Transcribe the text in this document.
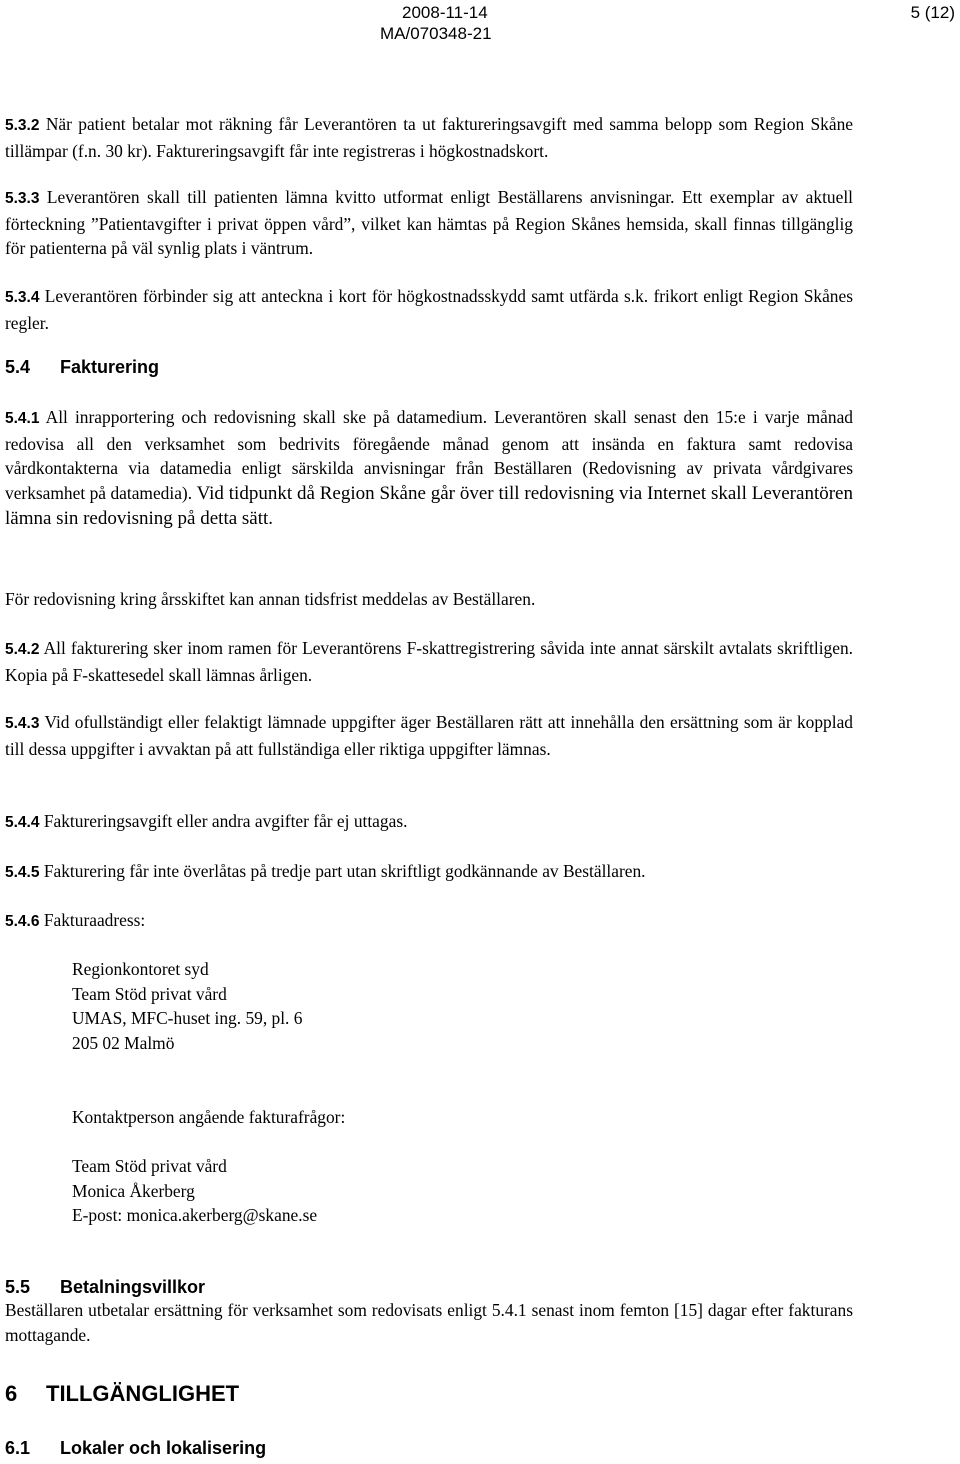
2008-11-14
MA/070348-21
5 (12)

5.3.2 När patient betalar mot räkning får Leverantören ta ut faktureringsavgift med samma belopp som Region Skåne tillämpar (f.n. 30 kr). Faktureringsavgift får inte registreras i högkostnadskort.

5.3.3 Leverantören skall till patienten lämna kvitto utformat enligt Beställarens anvisningar. Ett exemplar av aktuell förteckning ”Patientavgifter i privat öppen vård”, vilket kan hämtas på Region Skånes hemsida, skall finnas tillgänglig för patienterna på väl synlig plats i väntrum.

5.3.4 Leverantören förbinder sig att anteckna i kort för högkostnadsskydd samt utfärda s.k. frikort enligt Region Skånes regler.

5.4 Fakturering

5.4.1 All inrapportering och redovisning skall ske på datamedium. Leverantören skall senast den 15:e i varje månad redovisa all den verksamhet som bedrivits föregående månad genom att insända en faktura samt redovisa vårdkontakterna via datamedia enligt särskilda anvisningar från Beställaren (Redovisning av privata vårdgivares verksamhet på datamedia). Vid tidpunkt då Region Skåne går över till redovisning via Internet skall Leverantören lämna sin redovisning på detta sätt.

För redovisning kring årsskiftet kan annan tidsfrist meddelas av Beställaren.

5.4.2 All fakturering sker inom ramen för Leverantörens F-skattregistrering såvida inte annat särskilt avtalats skriftligen. Kopia på F-skattesedel skall lämnas årligen.

5.4.3 Vid ofullständigt eller felaktigt lämnade uppgifter äger Beställaren rätt att innehålla den ersättning som är kopplad till dessa uppgifter i avvaktan på att fullständiga eller riktiga uppgifter lämnas.

5.4.4 Faktureringsavgift eller andra avgifter får ej uttagas.

5.4.5 Fakturering får inte överlåtas på tredje part utan skriftligt godkännande av Beställaren.

5.4.6 Fakturaadress:

Regionkontoret syd
Team Stöd privat vård
UMAS, MFC-huset ing. 59, pl. 6
205 02 Malmö
Kontaktperson angående fakturafrågor:
Team Stöd privat vård
Monica Åkerberg
E-post: monica.akerberg@skane.se
5.5 Betalningsvillkor

Beställaren utbetalar ersättning för verksamhet som redovisats enligt 5.4.1 senast inom femton [15] dagar efter fakturans mottagande.

6 TILLGÄNGLIGHET
6.1 Lokaler och lokalisering
